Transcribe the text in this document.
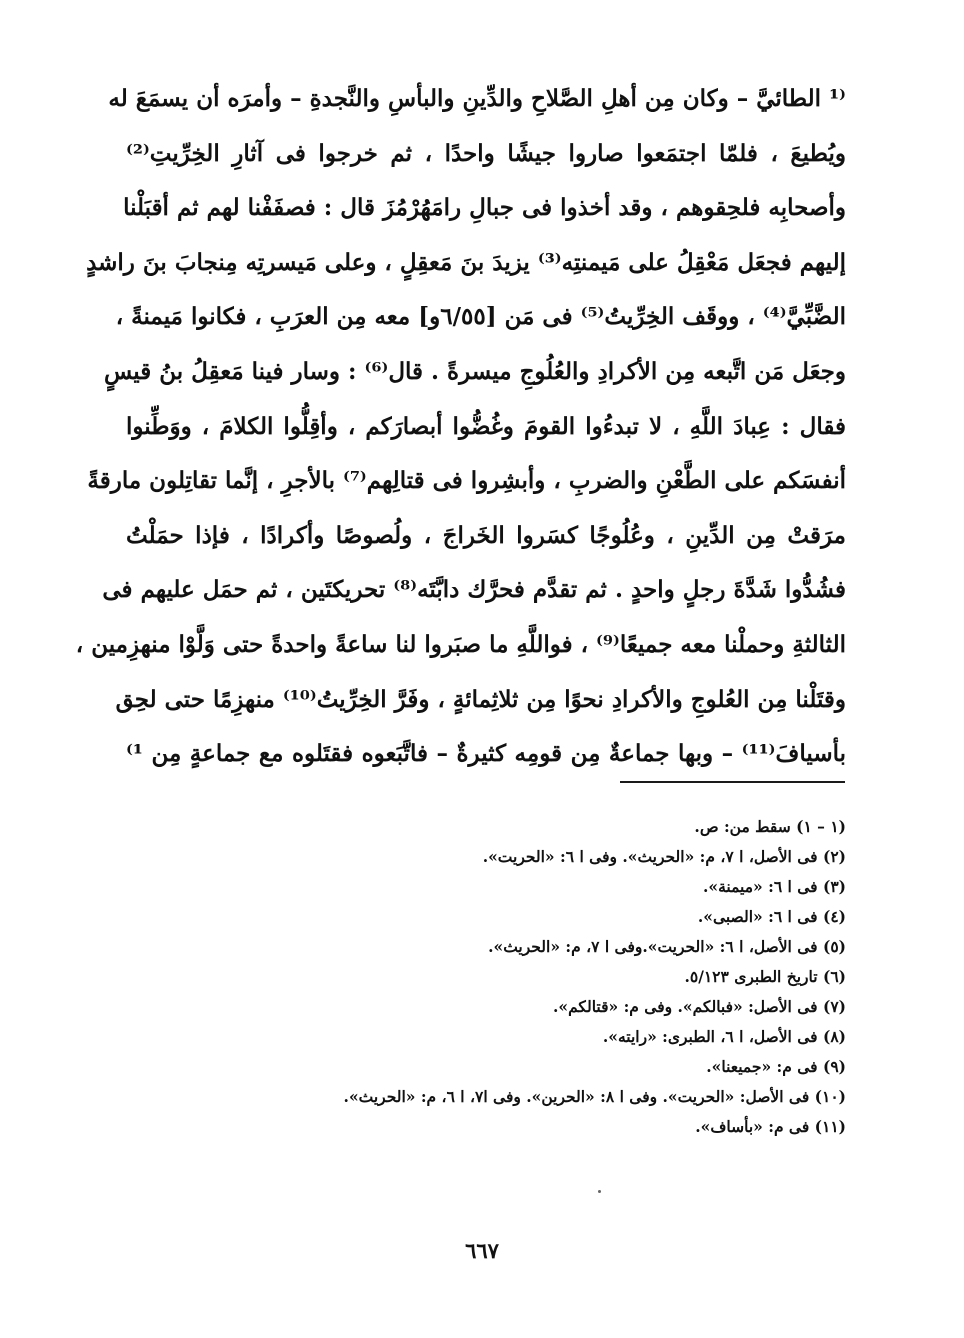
⁽¹ الطائيَّ – وكان مِن أهلِ الصَّلاحِ والدِّينِ والبأسِ والنَّجدةِ – وأمرَه أن يسمَعَ له
ويُطيعَ ، فلمّا اجتمَعوا صاروا جيشًا واحدًا ، ثم خرجوا فى آثارِ الخِرِّيتِ⁽²⁾
وأصحابِه فلحِقوهم ، وقد أخذوا فى جبالِ رامَهُرْمُزَ قال : فصفَفْنا لهم ثم أقبَلْنا
إليهم فجعَل مَعْقِلُ على مَيمنتِه⁽³⁾ يزيدَ بنَ مَعقِلٍ ، وعلى مَيسرتِه مِنجابَ بنَ راشدٍ
الضَّبِّيَّ⁽⁴⁾ ، ووقَف الخِرِّيتُ⁽⁵⁾ فى مَن [٦/٥٥و] معه مِن العرَبِ ، فكانوا مَيمنةً ،
وجعَل مَن اتَّبعه مِن الأكرادِ والعُلُوجِ ميسرةً . قال⁽⁶⁾ : وسار فينا مَعقِلُ بنُ قيسٍ
فقال : عِبادَ اللَّهِ ، لا تبدءُوا القومَ وغُضُّوا أبصارَكم ، وأقِلُّوا الكلامَ ، ووَطِّنوا
أنفسَكم على الطَّعْنِ والضربِ ، وأبشِروا فى قتالِهم⁽⁷⁾ بالأجرِ ، إنَّما تقاتِلون مارقةً
مرَقتْ مِن الدِّينِ ، وعُلُوجًا كسَروا الخَراجَ ، ولُصوصًا وأكرادًا ، فإذا حمَلْتُ
فشُدُّوا شَدَّةَ رجلٍ واحدٍ . ثم تقدَّم فحرَّك دابَّتَه⁽⁸⁾ تحريكتَين ، ثم حمَل عليهم فى
الثالثةِ وحملْنا معه جميعًا⁽⁹⁾ ، فواللَّهِ ما صبَروا لنا ساعةً واحدةً حتى وَلَّوْا منهزِمين ،
وقتَلْنا مِن العُلوجِ والأكرادِ نحوًا مِن ثلاثِمائةٍ ، وفَرَّ الخِرِّيتُ⁽¹⁰⁾ منهزِمًا حتى لحِق
بأسيافَ⁽¹¹⁾ – وبها جماعةٌ مِن قومِه كثيرةٌ – فاتَّبَعوه فقتَلوه مع جماعةٍ مِن ¹⁾
(١ – ١) سقط من: ص.
(٢) فى الأصل، ا ٧، م: «الحريث». وفى ا ٦: «الحريت».
(٣) فى ا ٦: «ميمنة».
(٤) فى ا ٦: «الصبى».
(٥) فى الأصل، ا ٦: «الحريت».وفى ا ٧، م: «الحريث».
(٦) تاريخ الطبرى ٥/١٢٣.
(٧) فى الأصل: «فبالكم». وفى م: «قتالكم».
(٨) فى الأصل، ا ٦، الطبرى: «رايته».
(٩) فى م: «جميعنا».
(١٠) فى الأصل: «الحريت». وفى ا ٨: «الحرين». وفى ا٧، ا ٦، م: «الحريث».
(١١) فى م: «بأساف».
٦٦٧
